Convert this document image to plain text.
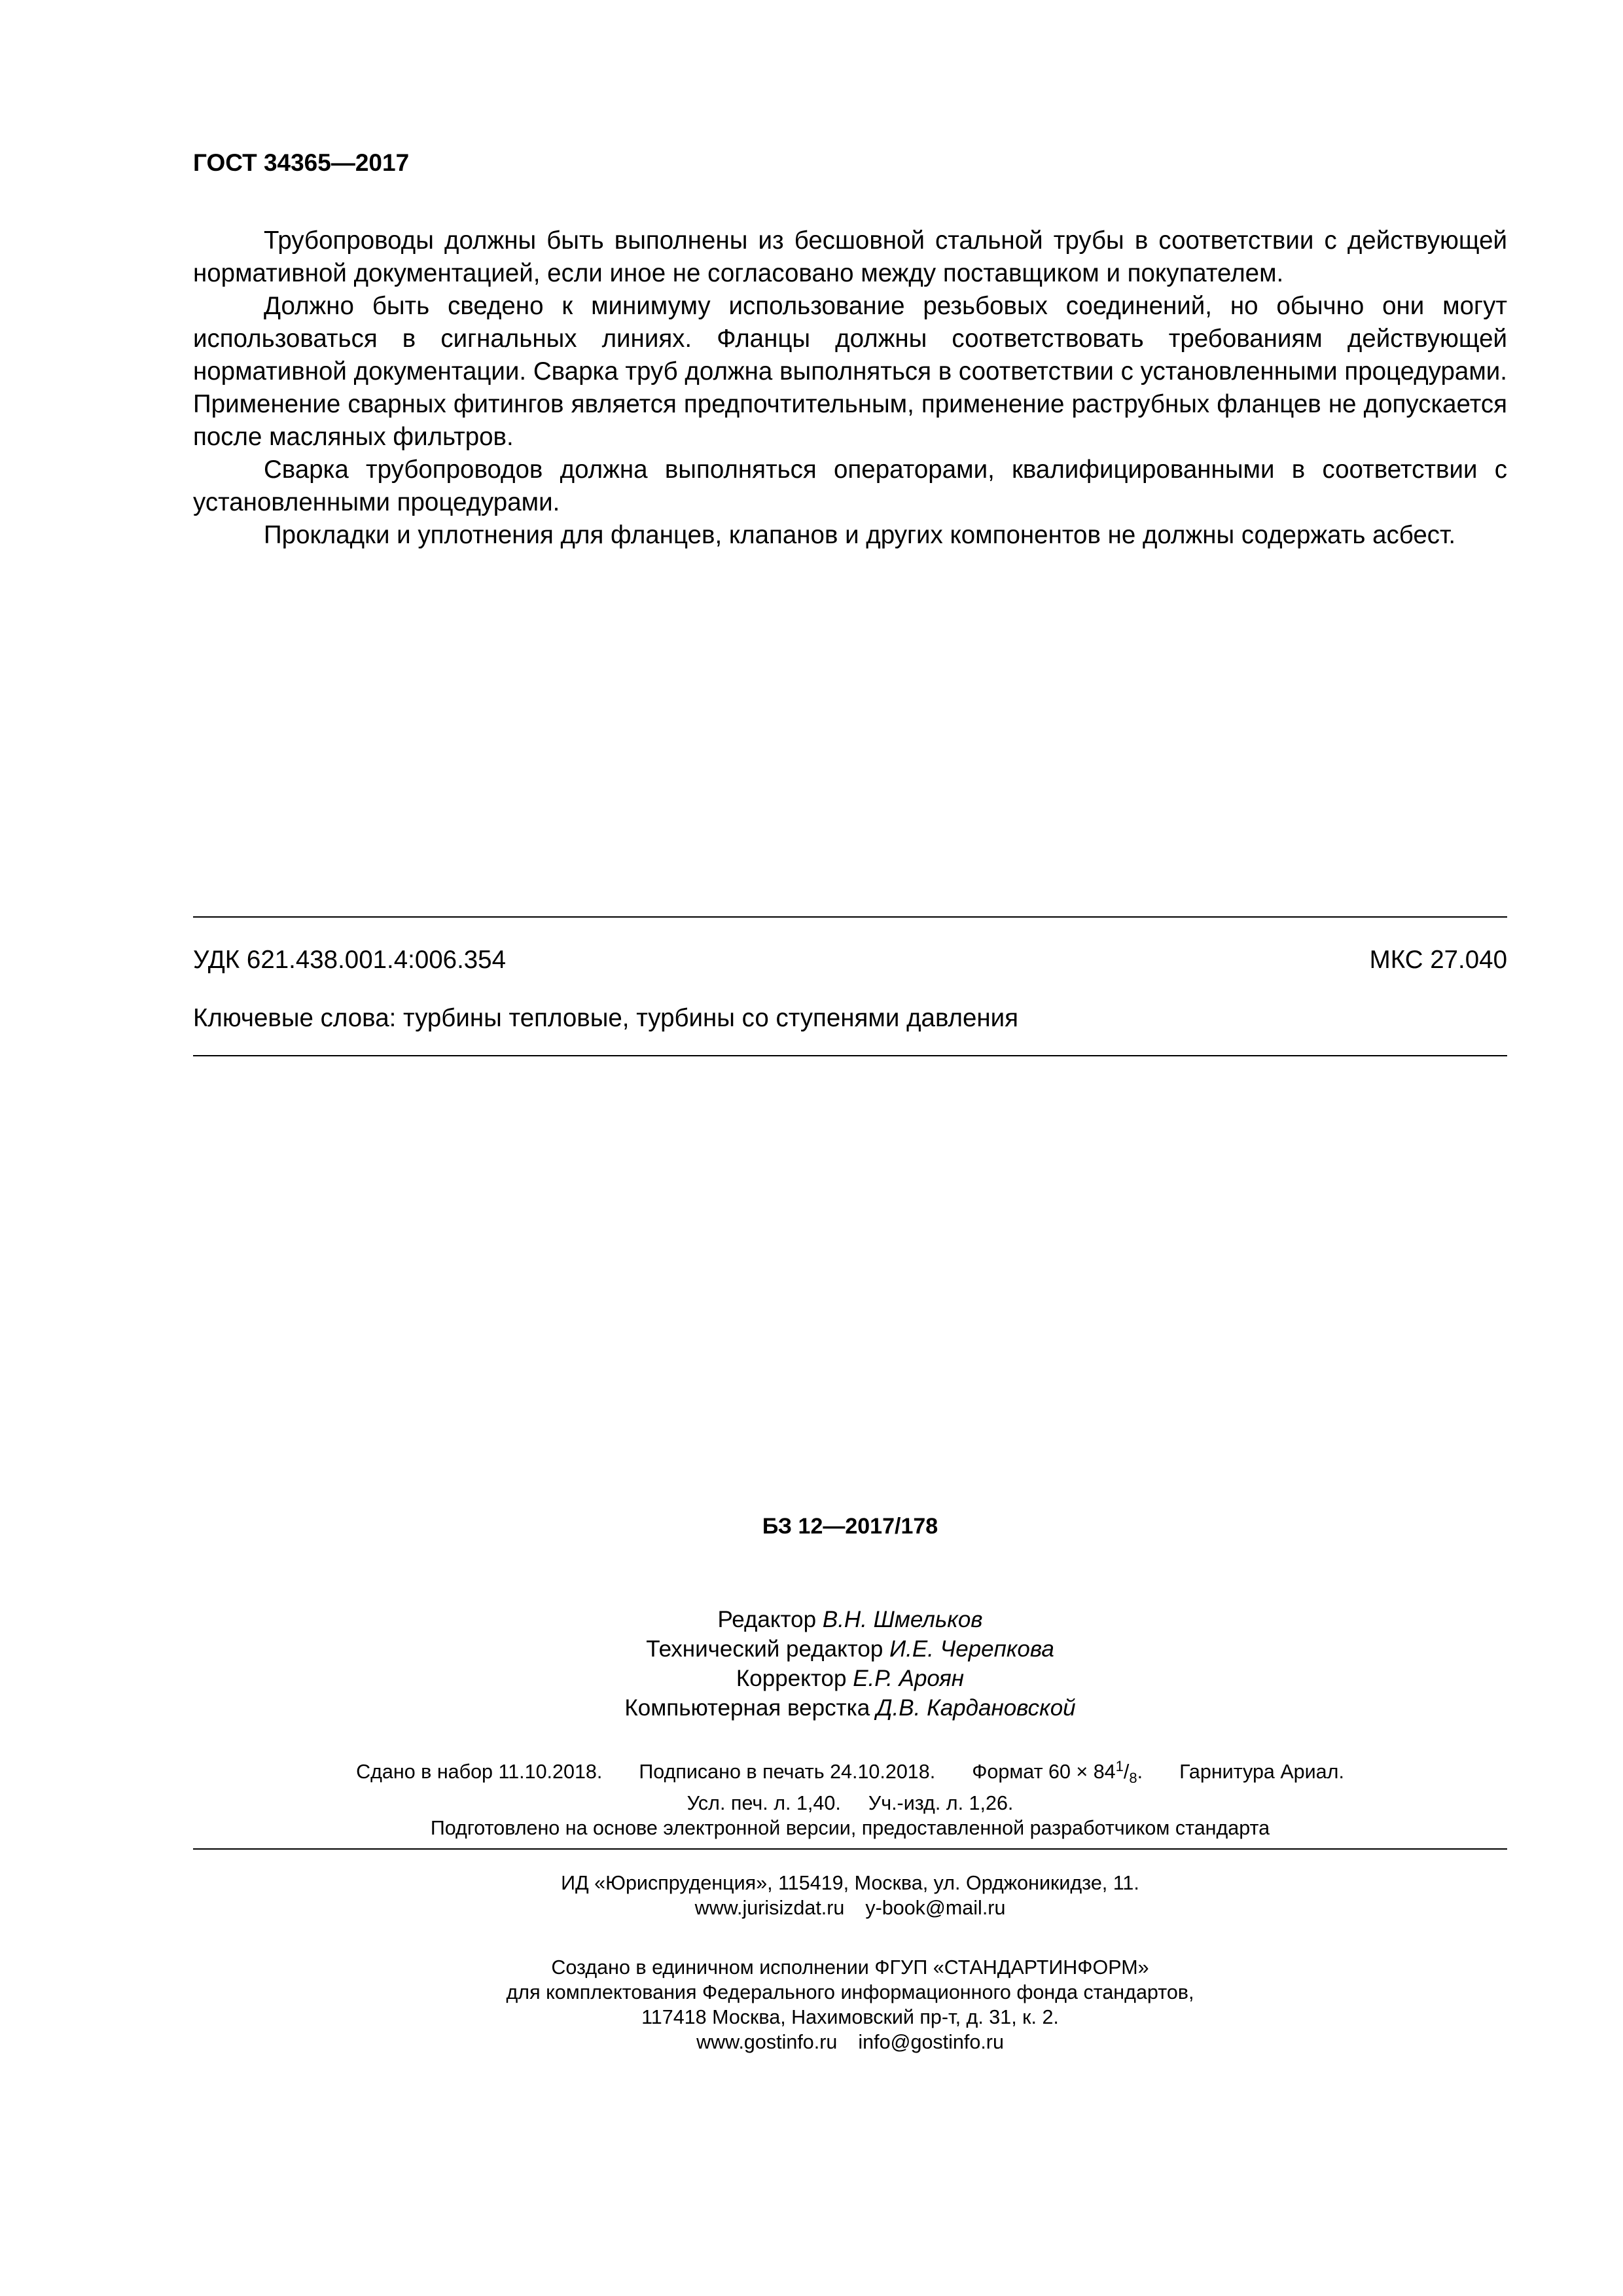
ГОСТ 34365—2017

Трубопроводы должны быть выполнены из бесшовной стальной трубы в соответствии с действующей нормативной документацией, если иное не согласовано между поставщиком и покупателем.

Должно быть сведено к минимуму использование резьбовых соединений, но обычно они могут использоваться в сигнальных линиях. Фланцы должны соответствовать требованиям действующей нормативной документации. Сварка труб должна выполняться в соответствии с установленными процедурами. Применение сварных фитингов является предпочтительным, применение раструбных фланцев не допускается после масляных фильтров.

Сварка трубопроводов должна выполняться операторами, квалифицированными в соответствии с установленными процедурами.

Прокладки и уплотнения для фланцев, клапанов и других компонентов не должны содержать асбест.

УДК 621.438.001.4:006.354	МКС 27.040
Ключевые слова: турбины тепловые, турбины со ступенями давления
БЗ 12—2017/178
Редактор В.Н. Шмельков
Технический редактор И.Е. Черепкова
Корректор Е.Р. Ароян
Компьютерная верстка Д.В. Кардановской
Сдано в набор 11.10.2018. Подписано в печать 24.10.2018. Формат $60 \times 84^1/_8$. Гарнитура Ариал.
Усл. печ. л. 1,40. Уч.-изд. л. 1,26.
Подготовлено на основе электронной версии, предоставленной разработчиком стандарта
ИД «Юриспруденция», 115419, Москва, ул. Орджоникидзе, 11.
www.jurisizdat.ru y-book@mail.ru
Создано в единичном исполнении ФГУП «СТАНДАРТИНФОРМ»
для комплектования Федерального информационного фонда стандартов,
117418 Москва, Нахимовский пр-т, д. 31, к. 2.
www.gostinfo.ru info@gostinfo.ru
